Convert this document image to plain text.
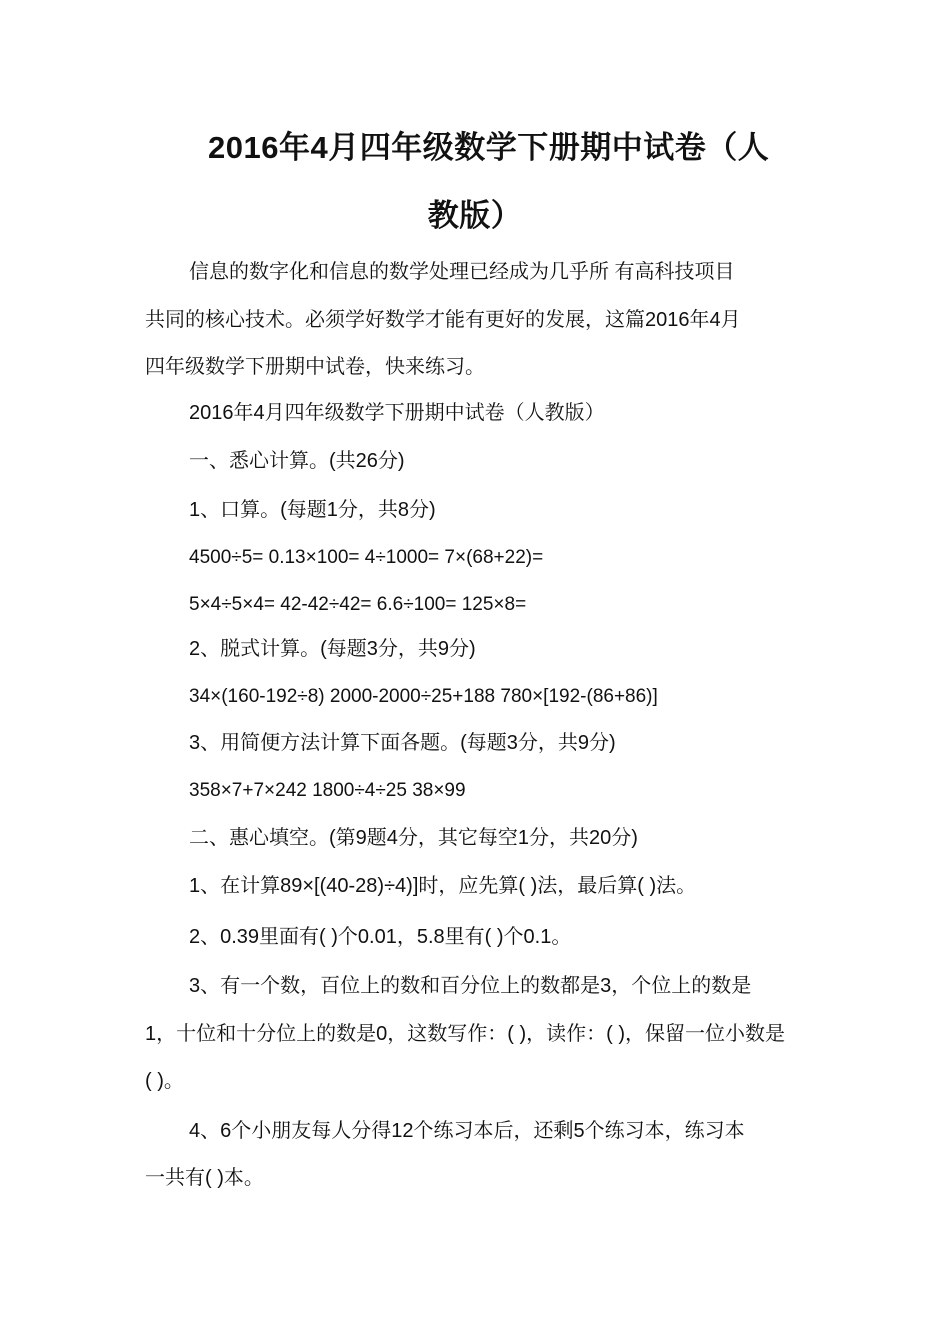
2016年4月四年级数学下册期中试卷（人
教版）
信息的数字化和信息的数学处理已经成为几乎所 有高科技项目
共同的核心技术。必须学好数学才能有更好的发展，这篇2016年4月
四年级数学下册期中试卷，快来练习。
2016年4月四年级数学下册期中试卷（人教版）
一、悉心计算。(共26分)
1、口算。(每题1分，共8分)
4500÷5= 0.13×100= 4÷1000= 7×(68+22)=
5×4÷5×4= 42-42÷42= 6.6÷100= 125×8=
2、脱式计算。(每题3分，共9分)
34×(160-192÷8) 2000-2000÷25+188 780×[192-(86+86)]
3、用简便方法计算下面各题。(每题3分，共9分)
358×7+7×242 1800÷4÷25 38×99
二、惠心填空。(第9题4分，其它每空1分，共20分)
1、在计算89×[(40-28)÷4)]时，应先算( )法，最后算( )法。
2、0.39里面有( )个0.01，5.8里有( )个0.1。
3、有一个数，百位上的数和百分位上的数都是3，个位上的数是
1，十位和十分位上的数是0，这数写作：( )，读作：( )，保留一位小数是
( )。
4、6个小朋友每人分得12个练习本后，还剩5个练习本，练习本
一共有( )本。
